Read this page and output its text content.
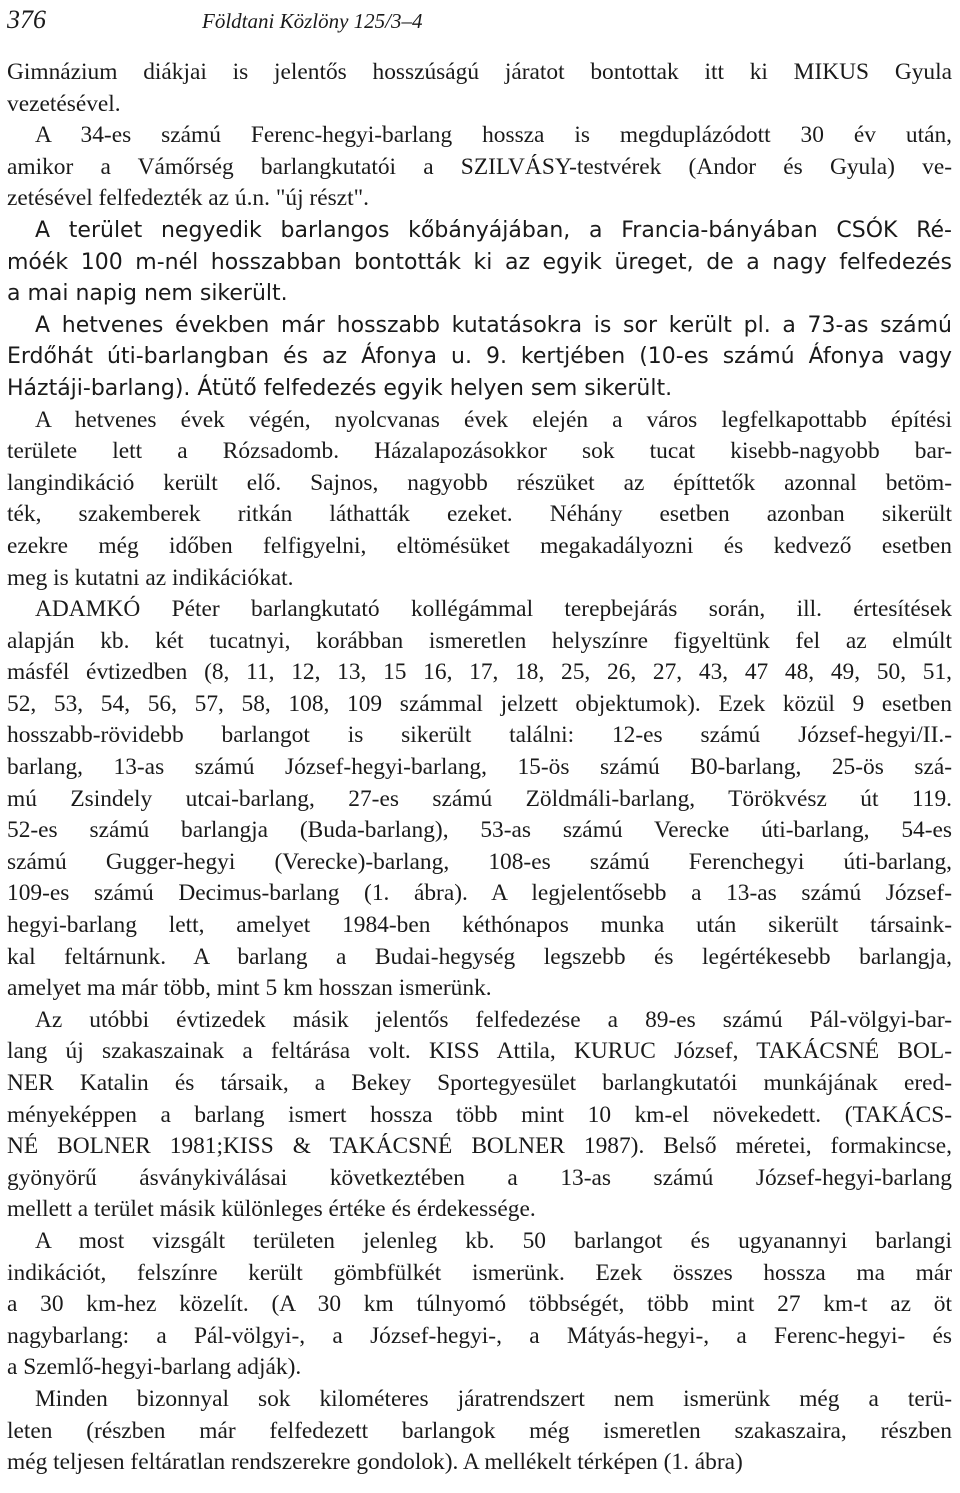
376	Földtani Közlöny 125/3–4
Gimnázium diákjai is jelentős hosszúságú járatot bontottak itt ki MIKUS Gyula
vezetésével.
A 34-es számú Ferenc-hegyi-barlang hossza is megduplázódott 30 év után,
amikor a Vámőrség barlangkutatói a SZILVÁSY-testvérek (Andor és Gyula) ve-
zetésével felfedezték az ú.n. "új részt".
A terület negyedik barlangos kőbányájában, a Francia-bányában CSÓK Ré-
móék 100 m-nél hosszabban bontották ki az egyik üreget, de a nagy felfedezés
a mai napig nem sikerült.
A hetvenes években már hosszabb kutatásokra is sor került pl. a 73-as számú
Erdőhát úti-barlangban és az Áfonya u. 9. kertjében (10-es számú Áfonya vagy
Háztáji-barlang). Átütő felfedezés egyik helyen sem sikerült.
A hetvenes évek végén, nyolcvanas évek elején a város legfelkapottabb építési
területe lett a Rózsadomb. Házalapozásokkor sok tucat kisebb-nagyobb bar-
langindikáció került elő. Sajnos, nagyobb részüket az építtetők azonnal betöm-
ték, szakemberek ritkán láthatták ezeket. Néhány esetben azonban sikerült
ezekre még időben felfigyelni, eltömésüket megakadályozni és kedvező esetben
meg is kutatni az indikációkat.
ADAMKÓ Péter barlangkutató kollégámmal terepbejárás során, ill. értesítések
alapján kb. két tucatnyi, korábban ismeretlen helyszínre figyeltünk fel az elmúlt
másfél évtizedben (8, 11, 12, 13, 15 16, 17, 18, 25, 26, 27, 43, 47 48, 49, 50, 51,
52, 53, 54, 56, 57, 58, 108, 109 számmal jelzett objektumok). Ezek közül 9 esetben
hosszabb-rövidebb barlangot is sikerült találni: 12-es számú József-hegyi/II.-
barlang, 13-as számú József-hegyi-barlang, 15-ös számú B0-barlang, 25-ös szá-
mú Zsindely utcai-barlang, 27-es számú Zöldmáli-barlang, Törökvész út 119.
52-es számú barlangja (Buda-barlang), 53-as számú Verecke úti-barlang, 54-es
számú Gugger-hegyi (Verecke)-barlang, 108-es számú Ferenchegyi úti-barlang,
109-es számú Decimus-barlang (1. ábra). A legjelentősebb a 13-as számú József-
hegyi-barlang lett, amelyet 1984-ben kéthónapos munka után sikerült társaink-
kal feltárnunk. A barlang a Budai-hegység legszebb és legértékesebb barlangja,
amelyet ma már több, mint 5 km hosszan ismerünk.
Az utóbbi évtizedek másik jelentős felfedezése a 89-es számú Pál-völgyi-bar-
lang új szakaszainak a feltárása volt. KISS Attila, KURUC József, TAKÁCSNÉ BOL-
NER Katalin és társaik, a Bekey Sportegyesület barlangkutatói munkájának ered-
ményeképpen a barlang ismert hossza több mint 10 km-el növekedett. (TAKÁCS-
NÉ BOLNER 1981;KISS & TAKÁCSNÉ BOLNER 1987). Belső méretei, formakincse,
gyönyörű ásványkiválásai következtében a 13-as számú József-hegyi-barlang
mellett a terület másik különleges értéke és érdekessége.
A most vizsgált területen jelenleg kb. 50 barlangot és ugyanannyi barlangi
indikációt, felszínre került gömbfülkét ismerünk. Ezek összes hossza ma már
a 30 km-hez közelít. (A 30 km túlnyomó többségét, több mint 27 km-t az öt
nagybarlang: a Pál-völgyi-, a József-hegyi-, a Mátyás-hegyi-, a Ferenc-hegyi- és
a Szemlő-hegyi-barlang adják).
Minden bizonnyal sok kilométeres járatrendszert nem ismerünk még a terü-
leten (részben már felfedezett barlangok még ismeretlen szakaszaira, részben
még teljesen feltáratlan rendszerekre gondolok). A mellékelt térképen (1. ábra)
